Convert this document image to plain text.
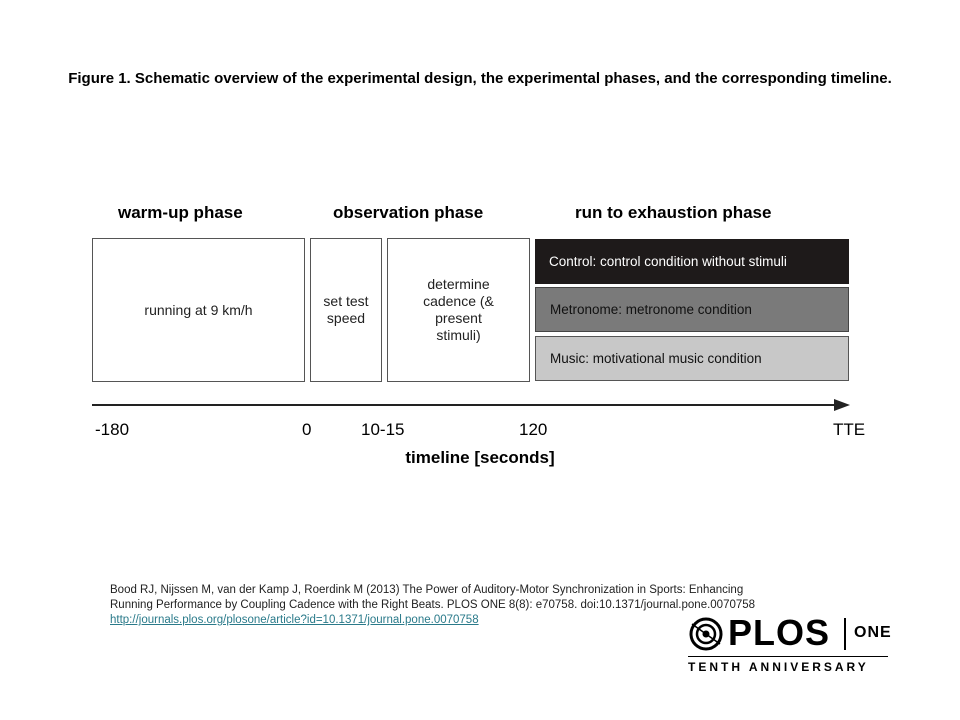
Figure 1. Schematic overview of the experimental design, the experimental phases, and the corresponding timeline.
warm-up phase	observation phase	run to exhaustion phase
running at 9 km/h
set test speed
determine cadence (& present stimuli)
Control: control condition without stimuli
Metronome: metronome condition
Music: motivational music condition
-180	0	10-15	120	TTE
timeline [seconds]
Bood RJ, Nijssen M, van der Kamp J, Roerdink M (2013) The Power of Auditory-Motor Synchronization in Sports: Enhancing
Running Performance by Coupling Cadence with the Right Beats. PLOS ONE 8(8): e70758. doi:10.1371/journal.pone.0070758
http://journals.plos.org/plosone/article?id=10.1371/journal.pone.0070758	PLOS ONE
TENTH ANNIVERSARY
